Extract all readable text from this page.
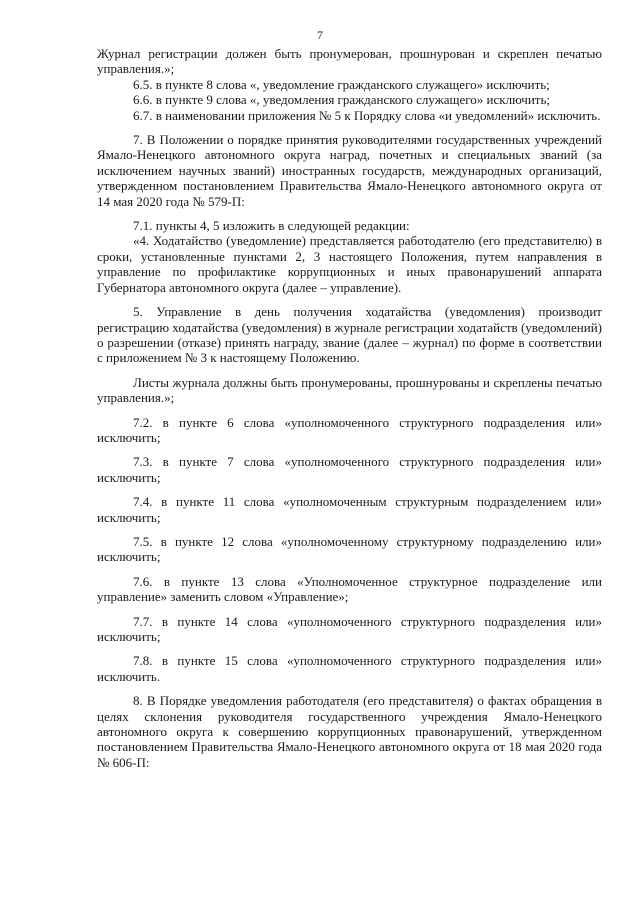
7

Журнал регистрации должен быть пронумерован, прошнурован и скреплен печатью управления.»;

6.5. в пункте 8 слова «, уведомление гражданского служащего» исключить;

6.6. в пункте 9 слова «, уведомления гражданского служащего» исключить;

6.7. в наименовании приложения № 5 к Порядку слова «и уведомлений» исключить.

7. В Положении о порядке принятия руководителями государственных учреждений Ямало-Ненецкого автономного округа наград, почетных и специальных званий (за исключением научных званий) иностранных государств, международных организаций, утвержденном постановлением Правительства Ямало-Ненецкого автономного округа от 14 мая 2020 года № 579-П:

7.1. пункты 4, 5 изложить в следующей редакции:

«4. Ходатайство (уведомление) представляется работодателю (его представителю) в сроки, установленные пунктами 2, 3 настоящего Положения, путем направления в управление по профилактике коррупционных и иных правонарушений аппарата Губернатора автономного округа (далее – управление).

5. Управление в день получения ходатайства (уведомления) производит регистрацию ходатайства (уведомления) в журнале регистрации ходатайств (уведомлений) о разрешении (отказе) принять награду, звание (далее – журнал) по форме в соответствии с приложением № 3 к настоящему Положению.

Листы журнала должны быть пронумерованы, прошнурованы и скреплены печатью управления.»;

7.2. в пункте 6 слова «уполномоченного структурного подразделения или» исключить;

7.3. в пункте 7 слова «уполномоченного структурного подразделения или» исключить;

7.4. в пункте 11 слова «уполномоченным структурным подразделением или» исключить;

7.5. в пункте 12 слова «уполномоченному структурному подразделению или» исключить;

7.6. в пункте 13 слова «Уполномоченное структурное подразделение или управление» заменить словом «Управление»;

7.7. в пункте 14 слова «уполномоченного структурного подразделения или» исключить;

7.8. в пункте 15 слова «уполномоченного структурного подразделения или» исключить.

8. В Порядке уведомления работодателя (его представителя) о фактах обращения в целях склонения руководителя государственного учреждения Ямало-Ненецкого автономного округа к совершению коррупционных правонарушений, утвержденном постановлением Правительства Ямало-Ненецкого автономного округа от 18 мая 2020 года № 606-П:
